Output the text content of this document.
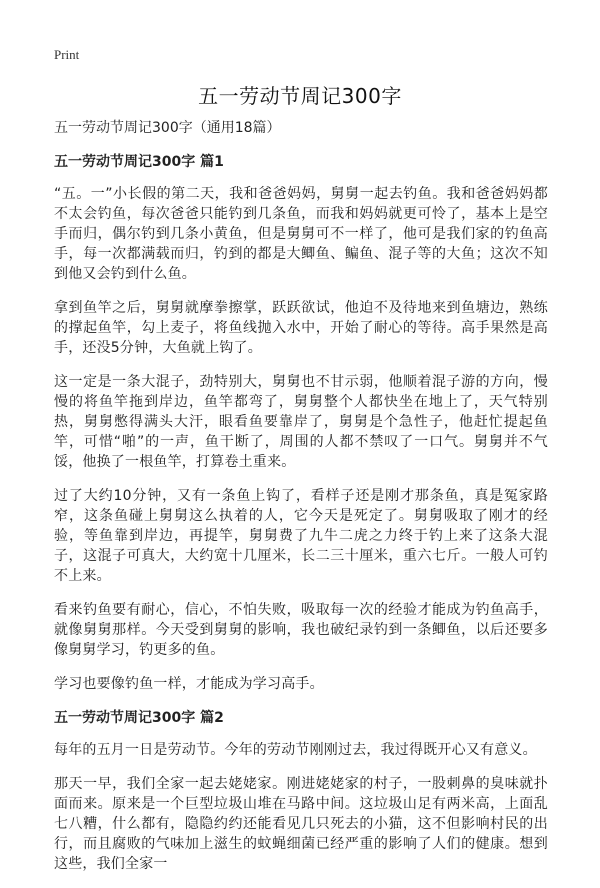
Print
五一劳动节周记300字

五一劳动节周记300字（通用18篇）

五一劳动节周记300字 篇1

“五。一”小长假的第二天，我和爸爸妈妈，舅舅一起去钓鱼。我和爸爸妈妈都不太会钓鱼，每次爸爸只能钓到几条鱼，而我和妈妈就更可怜了，基本上是空手而归，偶尔钓到几条小黄鱼，但是舅舅可不一样了，他可是我们家的钓鱼高手，每一次都满载而归，钓到的都是大鲫鱼、鳊鱼、混子等的大鱼；这次不知到他又会钓到什么鱼。

拿到鱼竿之后，舅舅就摩拳擦掌，跃跃欲试，他迫不及待地来到鱼塘边，熟练的撑起鱼竿，勾上麦子，将鱼线抛入水中，开始了耐心的等待。高手果然是高手，还没5分钟，大鱼就上钩了。

这一定是一条大混子，劲特别大，舅舅也不甘示弱，他顺着混子游的方向，慢慢的将鱼竿拖到岸边，鱼竿都弯了，舅舅整个人都快坐在地上了，天气特别热，舅舅憋得满头大汗，眼看鱼要靠岸了，舅舅是个急性子，他赶忙提起鱼竿，可惜“啪”的一声，鱼干断了，周围的人都不禁叹了一口气。舅舅并不气馁，他换了一根鱼竿，打算卷土重来。

过了大约10分钟，又有一条鱼上钩了，看样子还是刚才那条鱼，真是冤家路窄，这条鱼碰上舅舅这么执着的人，它今天是死定了。舅舅吸取了刚才的经验，等鱼靠到岸边，再提竿，舅舅费了九牛二虎之力终于钓上来了这条大混子，这混子可真大，大约宽十几厘米，长二三十厘米，重六七斤。一般人可钓不上来。

看来钓鱼要有耐心，信心，不怕失败，吸取每一次的经验才能成为钓鱼高手，就像舅舅那样。今天受到舅舅的影响，我也破纪录钓到一条鲫鱼，以后还要多像舅舅学习，钓更多的鱼。

学习也要像钓鱼一样，才能成为学习高手。

五一劳动节周记300字 篇2

每年的五月一日是劳动节。今年的劳动节刚刚过去，我过得既开心又有意义。

那天一早，我们全家一起去姥姥家。刚进姥姥家的村子，一股刺鼻的臭味就扑面而来。原来是一个巨型垃圾山堆在马路中间。这垃圾山足有两米高，上面乱七八糟，什么都有，隐隐约约还能看见几只死去的小猫，这不但影响村民的出行，而且腐败的气味加上滋生的蚊蝇细菌已经严重的影响了人们的健康。想到这些，我们全家一
